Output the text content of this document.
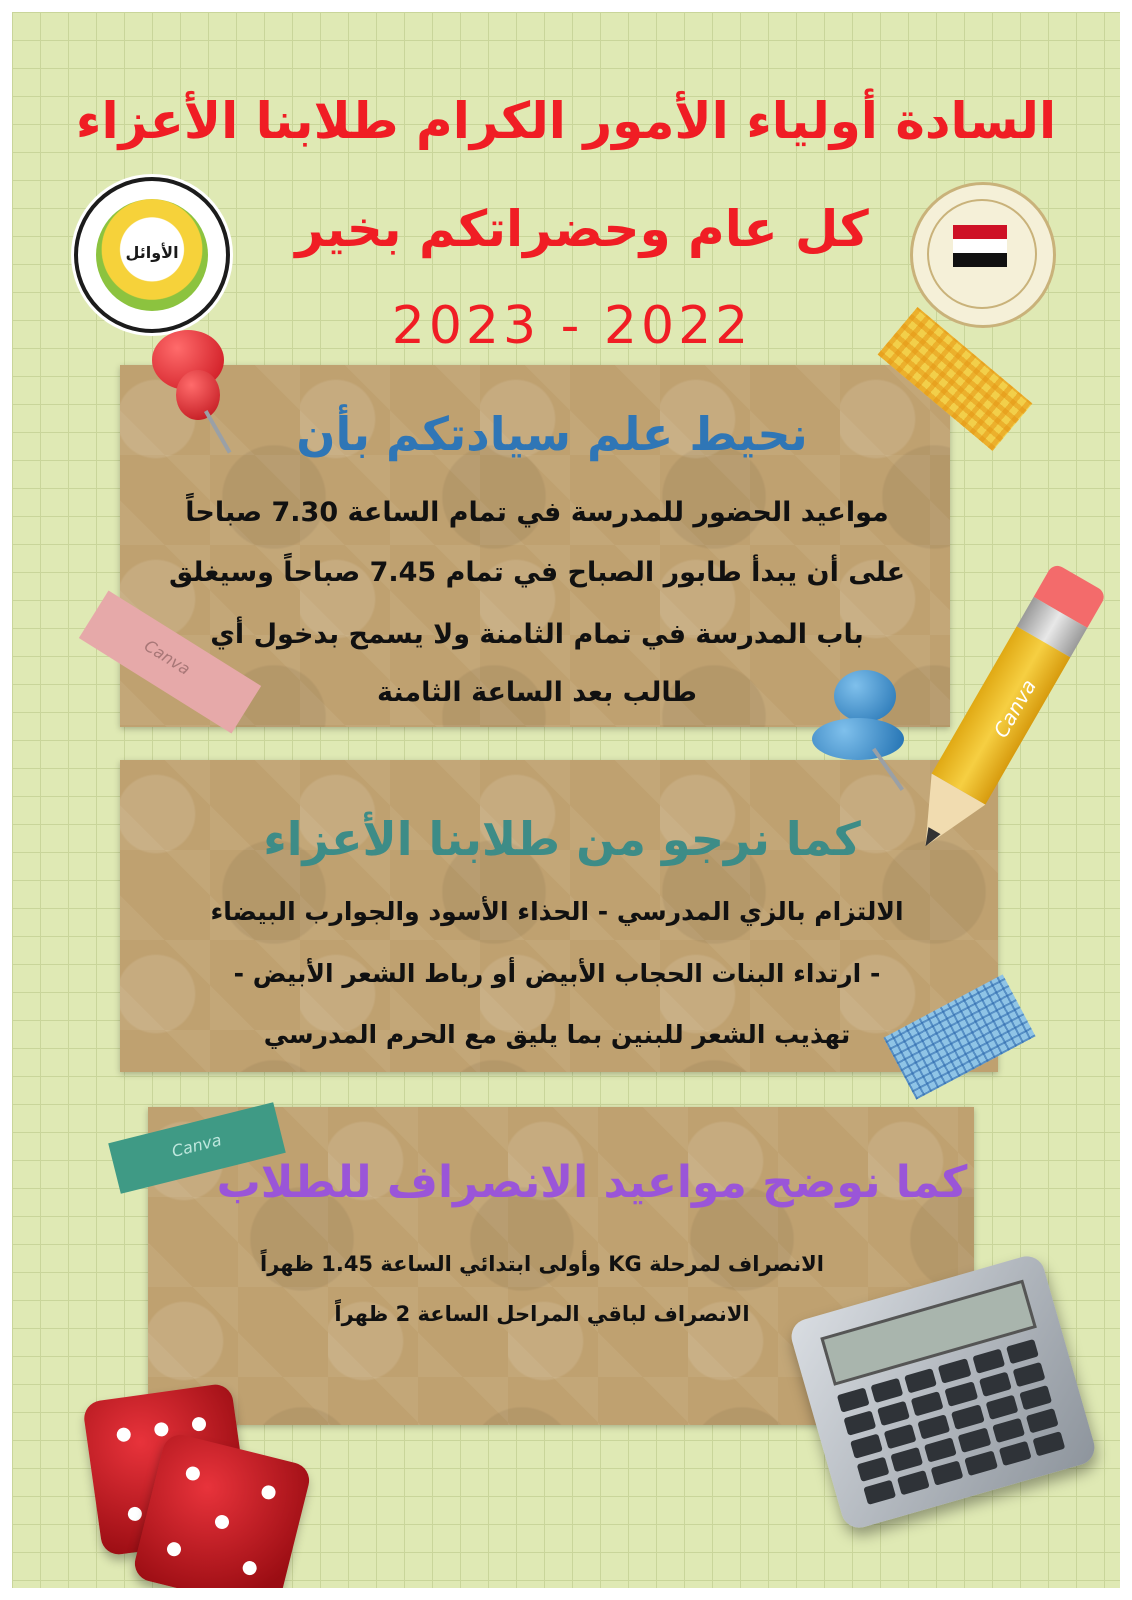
السادة أولياء الأمور الكرام طلابنا الأعزاء
كل عام وحضراتكم بخير
2022 - 2023
الأوائل
Canva
نحيط علم سيادتكم بأن
مواعيد الحضور للمدرسة في تمام الساعة 7.30 صباحاً
على أن يبدأ طابور الصباح في تمام 7.45 صباحاً وسيغلق
باب المدرسة في تمام الثامنة ولا يسمح بدخول أي
طالب بعد الساعة الثامنة	Canva
كما نرجو من طلابنا الأعزاء
الالتزام بالزي المدرسي - الحذاء الأسود والجوارب البيضاء
- ارتداء البنات الحجاب الأبيض أو رباط الشعر الأبيض -
تهذيب الشعر للبنين بما يليق مع الحرم المدرسي
Canva
كما نوضح مواعيد الانصراف للطلاب
الانصراف لمرحلة KG وأولى ابتدائي الساعة 1.45 ظهراً
الانصراف لباقي المراحل الساعة 2 ظهراً
